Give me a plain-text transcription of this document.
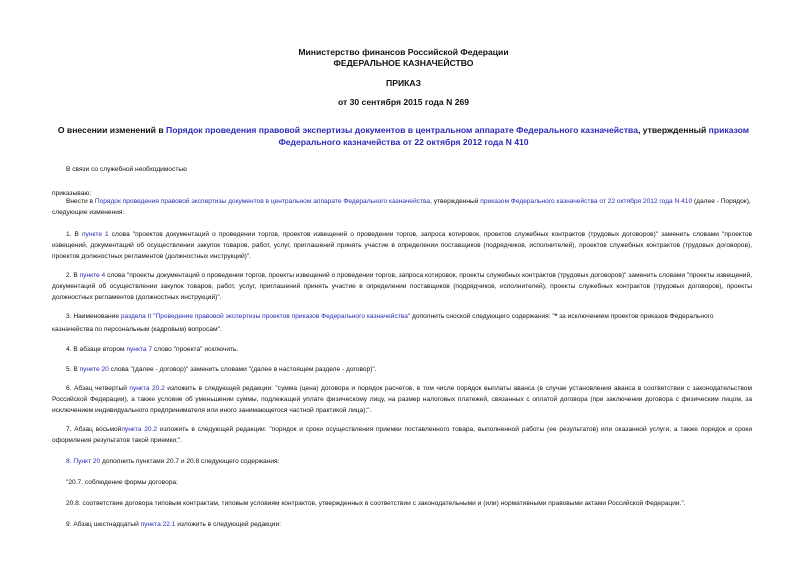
Министерство финансов Российской Федерации
ФЕДЕРАЛЬНОЕ КАЗНАЧЕЙСТВО
ПРИКАЗ
от 30 сентября 2015 года N 269
О внесении изменений в Порядок проведения правовой экспертизы документов в центральном аппарате Федерального казначейства, утвержденный приказом Федерального казначейства от 22 октября 2012 года N 410
В связи со служебной необходимостью
приказываю:
Внести в Порядок проведения правовой экспертизы документов в центральном аппарате Федерального казначейства, утвержденный приказом Федерального казначейства от 22 октября 2012 года N 410 (далее - Порядок), следующие изменения:
1. В пункте 1 слова "проектов документаций о проведении торгов, проектов извещений о проведении торгов, запроса котировок, проектов служебных контрактов (трудовых договоров)" заменить словами "проектов извещений, документаций об осуществлении закупок товаров, работ, услуг, приглашений принять участие в определении поставщиков (подрядчиков, исполнителей), проектов служебных контрактов (трудовых договоров), проектов должностных регламентов (должностных инструкций)".
2. В пункте 4 слова "проекты документаций о проведении торгов, проекты извещений о проведении торгов, запроса котировок, проекты служебных контрактов (трудовых договоров)" заменить словами "проекты извещений, документаций об осуществлении закупок товаров, работ, услуг, приглашений принять участие в определении поставщиков (подрядчиков, исполнителей), проекты служебных контрактов (трудовых договоров), проекты должностных регламентов (должностных инструкций)".
3. Наименование раздела II "Проведение правовой экспертизы проектов приказов Федерального казначейства" дополнить сноской следующего содержания: "* за исключением проектов приказов Федерального казначейства по персональным (кадровым) вопросам".
4. В абзаце втором пункта 7 слово "проекта" исключить.
5. В пункте 20 слова "(далее - договор)" заменить словами "(далее в настоящем разделе - договор)".
6. Абзац четвертый пункта 20.2 изложить в следующей редакции: "сумма (цена) договора и порядок расчетов, в том числе порядок выплаты аванса (в случае установления аванса в соответствии с законодательством Российской Федерации), а также условие об уменьшении суммы, подлежащей уплате физическому лицу, на размер налоговых платежей, связанных с оплатой договора (при заключении договора с физическим лицом, за исключением индивидуального предпринимателя или иного занимающегося частной практикой лица);".
7. Абзац восьмойпункта 20.2 изложить в следующей редакции: "порядок и сроки осуществления приемки поставленного товара, выполненной работы (ее результатов) или оказанной услуги, а также порядок и сроки оформления результатов такой приемки;".
8. Пункт 20 дополнить пунктами 20.7 и 20.8 следующего содержания:
"20.7. соблюдение формы договора;
20.8. соответствие договора типовым контрактам, типовым условиям контрактов, утвержденных в соответствии с законодательными и (или) нормативными правовыми актами Российской Федерации.".
9. Абзац шестнадцатый пункта 22.1 изложить в следующей редакции:
